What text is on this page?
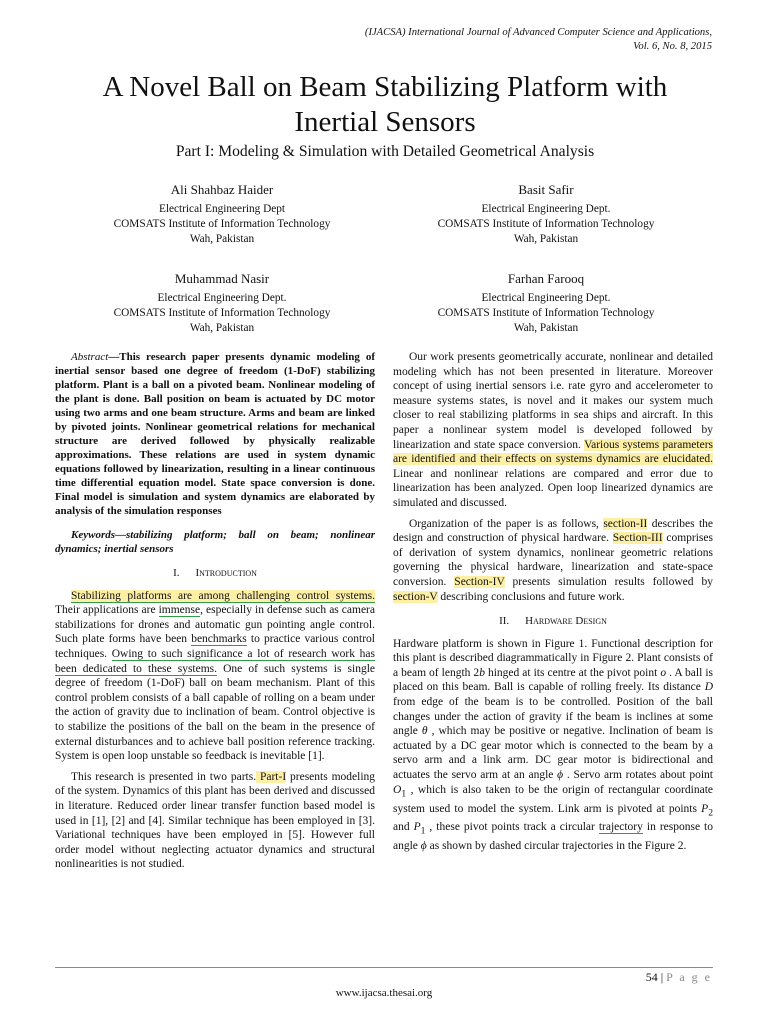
(IJACSA) International Journal of Advanced Computer Science and Applications,
Vol. 6, No. 8, 2015
A Novel Ball on Beam Stabilizing Platform with
Inertial Sensors
Part I: Modeling & Simulation with Detailed Geometrical Analysis
Ali Shahbaz Haider
Electrical Engineering Dept
COMSATS Institute of Information Technology
Wah, Pakistan
Basit Safir
Electrical Engineering Dept.
COMSATS Institute of Information Technology
Wah, Pakistan
Muhammad Nasir
Electrical Engineering Dept.
COMSATS Institute of Information Technology
Wah, Pakistan
Farhan Farooq
Electrical Engineering Dept.
COMSATS Institute of Information Technology
Wah, Pakistan

Abstract—This research paper presents dynamic modeling of inertial sensor based one degree of freedom (1-DoF) stabilizing platform. Plant is a ball on a pivoted beam. Nonlinear modeling of the plant is done. Ball position on beam is actuated by DC motor using two arms and one beam structure. Arms and beam are linked by pivoted joints. Nonlinear geometrical relations for mechanical structure are derived followed by physically realizable approximations. These relations are used in system dynamic equations followed by linearization, resulting in a linear continuous time differential equation model. State space conversion is done. Final model is simulation and system dynamics are elaborated by analysis of the simulation responses

Keywords—stabilizing platform; ball on beam; nonlinear dynamics; inertial sensors

I. Introduction

Stabilizing platforms are among challenging control systems. Their applications are immense, especially in defense such as camera stabilizations for drones and automatic gun pointing angle control. Such plate forms have been benchmarks to practice various control techniques. Owing to such significance a lot of research work has been dedicated to these systems. One of such systems is single degree of freedom (1-DoF) ball on beam mechanism. Plant of this control problem consists of a ball capable of rolling on a beam under the action of gravity due to inclination of beam. Control objective is to stabilize the positions of the ball on the beam in the presence of external disturbances and to achieve ball position reference tracking. System is open loop unstable so feedback is inevitable [1].

This research is presented in two parts. Part-I presents modeling of the system. Dynamics of this plant has been derived and discussed in literature. Reduced order linear transfer function based model is used in [1], [2] and [4]. Similar technique has been employed in [3]. Variational techniques have been employed in [5]. However full order model without neglecting actuator dynamics and structural nonlinearities is not studied.

Our work presents geometrically accurate, nonlinear and detailed modeling which has not been presented in literature. Moreover concept of using inertial sensors i.e. rate gyro and accelerometer to measure systems states, is novel and it makes our system much closer to real stabilizing platforms in sea ships and aircraft. In this paper a nonlinear system model is developed followed by linearization and state space conversion. Various systems parameters are identified and their effects on systems dynamics are elucidated. Linear and nonlinear relations are compared and error due to linearization has been analyzed. Open loop linearized dynamics are simulated and discussed.

Organization of the paper is as follows, section-II describes the design and construction of physical hardware. Section-III comprises of derivation of system dynamics, nonlinear geometric relations governing the physical hardware, linearization and state-space conversion. Section-IV presents simulation results followed by section-V describing conclusions and future work.

II. Hardware Design

Hardware platform is shown in Figure 1. Functional description for this plant is described diagrammatically in Figure 2. Plant consists of a beam of length 2b hinged at its centre at the pivot point o . A ball is placed on this beam. Ball is capable of rolling freely. Its distance D from edge of the beam is to be controlled. Position of the ball changes under the action of gravity if the beam is inclines at some angle θ , which may be positive or negative. Inclination of beam is actuated by a DC gear motor which is connected to the beam by a servo arm and a link arm. DC gear motor is bidirectional and actuates the servo arm at an angle ϕ . Servo arm rotates about point $O_1$ , which is also taken to be the origin of rectangular coordinate system used to model the system. Link arm is pivoted at points $P_2$ and $P_1$ , these pivot points track a circular trajectory in response to angle ϕ as shown by dashed circular trajectories in the Figure 2.

54 | P a g e
www.ijacsa.thesai.org
